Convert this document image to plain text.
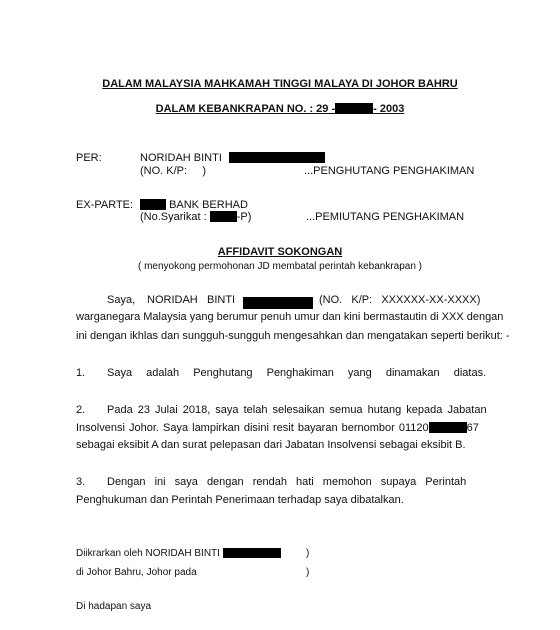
DALAM MALAYSIA MAHKAMAH TINGGI MALAYA DI JOHOR BAHRU
DALAM KEBANKRAPAN NO. : 29 -	- 2003
PER:	NORIDAH BINTI
(NO. K/P:     )	...PENGHUTANG PENGHAKIMAN
EX-PARTE:	BANK BERHAD
(No.Syarikat :	-P)	...PEMIUTANG PENGHAKIMAN
AFFIDAVIT SOKONGAN
( menyokong permohonan JD membatal perintah kebankrapan )
Saya, NORIDAH BINTI	(NO.   K/P:   XXXXXX-XX-XXXX)
warganegara Malaysia yang berumur penuh umur dan kini bermastautin di XXX dengan
ini dengan ikhlas dan sungguh-sungguh mengesahkan dan mengatakan seperti berikut: -
1. Saya adalah Penghutang Penghakiman yang dinamakan diatas.
2. Pada 23 Julai 2018, saya telah selesaikan semua hutang kepada Jabatan
Insolvensi Johor. Saya lampirkan disini resit bayaran bernombor 01120	67
sebagai eksibit A dan surat pelepasan dari Jabatan Insolvensi sebagai eksibit B.
3. Dengan ini saya dengan rendah hati memohon supaya Perintah
Penghukuman dan Perintah Penerimaan terhadap saya dibatalkan.
Diikrarkan oleh NORIDAH BINTI	)
di Johor Bahru, Johor pada	)
Di hadapan saya
